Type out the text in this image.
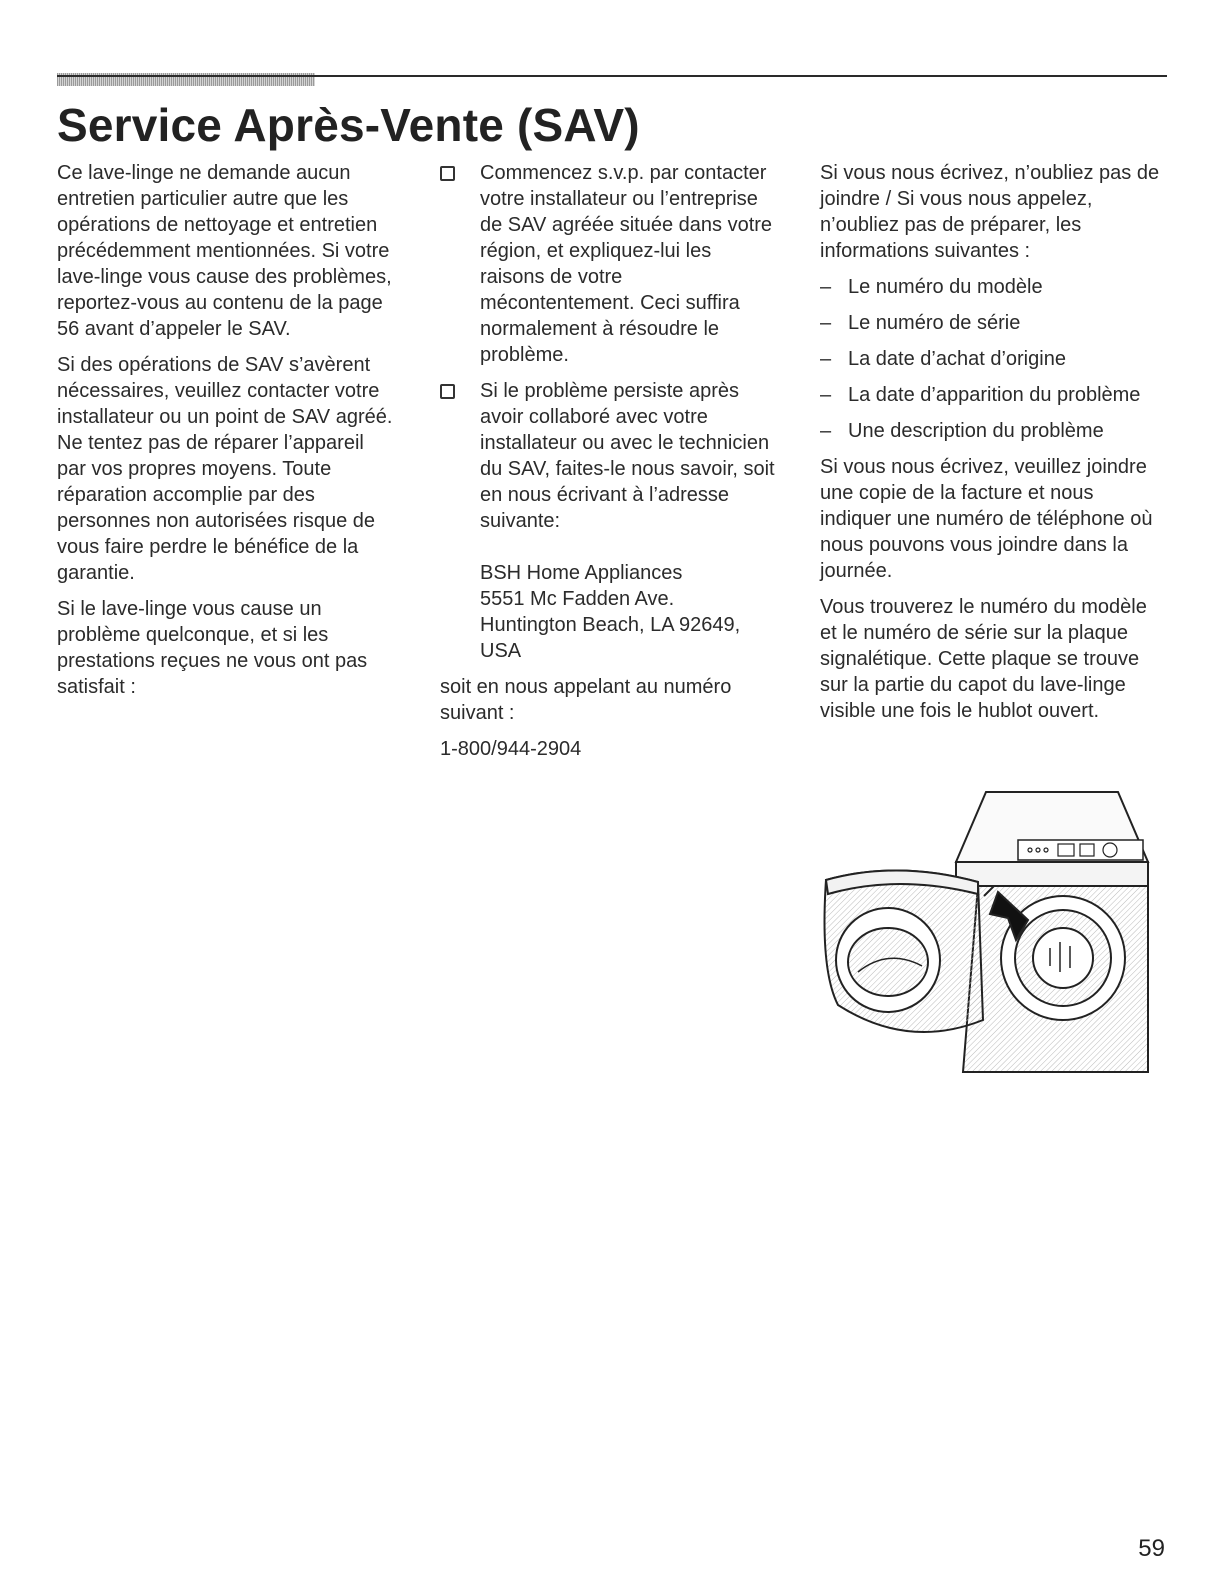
Service Après-Vente (SAV)

Ce lave-linge ne demande aucun entretien particulier autre que les opérations de nettoyage et entretien précédemment mentionnées. Si votre lave-linge vous cause des problèmes, reportez-vous au contenu de la page 56 avant d’appeler le SAV.

Si des opérations de SAV s’avèrent nécessaires, veuillez contacter votre installateur ou un point de SAV agréé. Ne tentez pas de réparer l’appareil par vos propres moyens. Toute réparation accomplie par des personnes non autorisées risque de vous faire perdre le bénéfice de la garantie.

Si le lave-linge vous cause un problème quelconque, et si les prestations reçues ne vous ont pas satisfait :

Commencez s.v.p. par contacter votre installateur ou l’entreprise de SAV agréée située dans votre région, et expliquez-lui les raisons de votre mécontentement. Ceci suffira normalement à résoudre le problème.
Si le problème persiste après avoir collaboré avec votre installateur ou avec le technicien du SAV, faites-le nous savoir, soit en nous écrivant à l’adresse suivante:
BSH Home Appliances
5551 Mc Fadden Ave.
Huntington Beach, LA 92649,
USA

soit en nous appelant au numéro suivant :

1-800/944-2904

Si vous nous écrivez, n’oubliez pas de joindre / Si vous nous appelez, n’oubliez pas de préparer, les informations suivantes :

– Le numéro du modèle
– Le numéro de série
– La date d’achat d’origine
– La date d’apparition du problème
– Une description du problème

Si vous nous écrivez, veuillez joindre une copie de la facture et nous indiquer une numéro de téléphone où nous pouvons vous joindre dans la journée.

Vous trouverez le numéro du modèle et le numéro de série sur la plaque signalétique. Cette plaque se trouve sur la partie du capot du lave-linge visible une fois le hublot ouvert.

59
